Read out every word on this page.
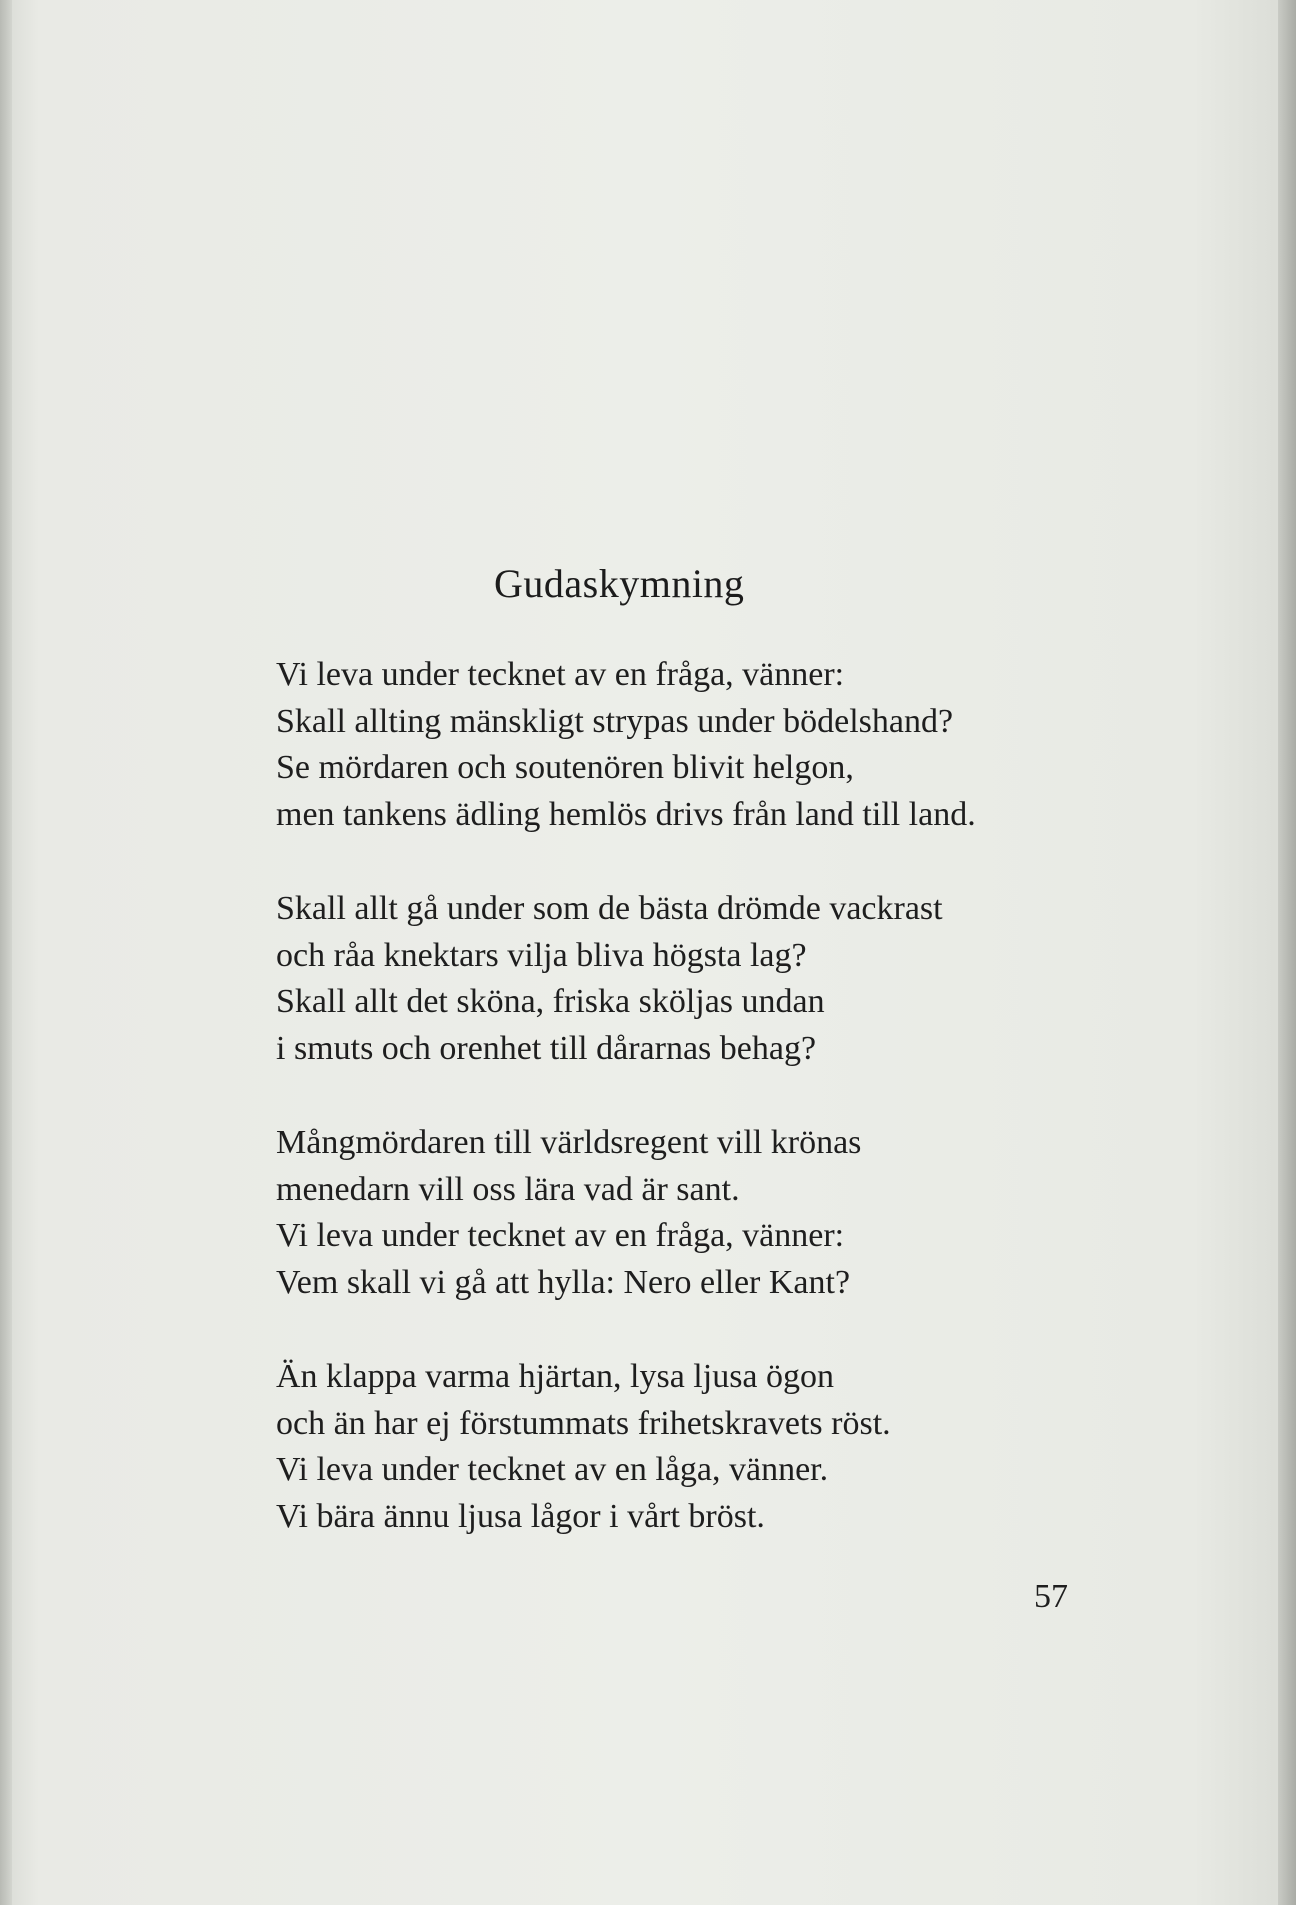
Gudaskymning
Vi leva under tecknet av en fråga, vänner:
Skall allting mänskligt strypas under bödelshand?
Se mördaren och soutenören blivit helgon,
men tankens ädling hemlös drivs från land till land.
Skall allt gå under som de bästa drömde vackrast
och råa knektars vilja bliva högsta lag?
Skall allt det sköna, friska sköljas undan
i smuts och orenhet till dårarnas behag?
Mångmördaren till världsregent vill krönas
menedarn vill oss lära vad är sant.
Vi leva under tecknet av en fråga, vänner:
Vem skall vi gå att hylla: Nero eller Kant?
Än klappa varma hjärtan, lysa ljusa ögon
och än har ej förstummats frihetskravets röst.
Vi leva under tecknet av en låga, vänner.
Vi bära ännu ljusa lågor i vårt bröst.
57
